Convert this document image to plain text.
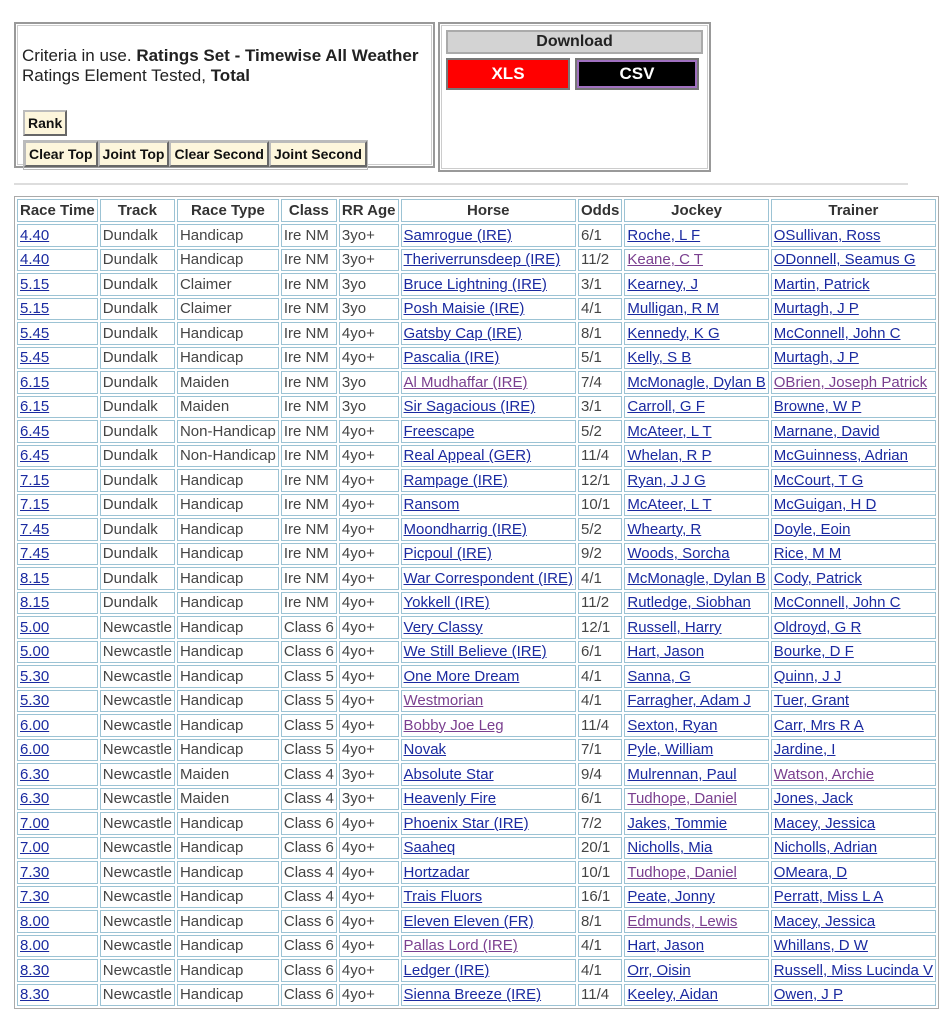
Criteria in use. Ratings Set - Timewise All Weather
Ratings Element Tested, Total
Rank
Clear Top Joint Top Clear Second Joint Second
Download
XLS	CSV
Race Time	Track	Race Type	Class	RR Age	Horse	Odds	Jockey	Trainer
4.40	Dundalk	Handicap	Ire NM	3yo+	Samrogue (IRE)	6/1	Roche, L F	OSullivan, Ross
4.40	Dundalk	Handicap	Ire NM	3yo+	Theriverrunsdeep (IRE)	11/2	Keane, C T	ODonnell, Seamus G
5.15	Dundalk	Claimer	Ire NM	3yo	Bruce Lightning (IRE)	3/1	Kearney, J	Martin, Patrick
5.15	Dundalk	Claimer	Ire NM	3yo	Posh Maisie (IRE)	4/1	Mulligan, R M	Murtagh, J P
5.45	Dundalk	Handicap	Ire NM	4yo+	Gatsby Cap (IRE)	8/1	Kennedy, K G	McConnell, John C
5.45	Dundalk	Handicap	Ire NM	4yo+	Pascalia (IRE)	5/1	Kelly, S B	Murtagh, J P
6.15	Dundalk	Maiden	Ire NM	3yo	Al Mudhaffar (IRE)	7/4	McMonagle, Dylan B	OBrien, Joseph Patrick
6.15	Dundalk	Maiden	Ire NM	3yo	Sir Sagacious (IRE)	3/1	Carroll, G F	Browne, W P
6.45	Dundalk	Non-Handicap	Ire NM	4yo+	Freescape	5/2	McAteer, L T	Marnane, David
6.45	Dundalk	Non-Handicap	Ire NM	4yo+	Real Appeal (GER)	11/4	Whelan, R P	McGuinness, Adrian
7.15	Dundalk	Handicap	Ire NM	4yo+	Rampage (IRE)	12/1	Ryan, J J G	McCourt, T G
7.15	Dundalk	Handicap	Ire NM	4yo+	Ransom	10/1	McAteer, L T	McGuigan, H D
7.45	Dundalk	Handicap	Ire NM	4yo+	Moondharrig (IRE)	5/2	Whearty, R	Doyle, Eoin
7.45	Dundalk	Handicap	Ire NM	4yo+	Picpoul (IRE)	9/2	Woods, Sorcha	Rice, M M
8.15	Dundalk	Handicap	Ire NM	4yo+	War Correspondent (IRE)	4/1	McMonagle, Dylan B	Cody, Patrick
8.15	Dundalk	Handicap	Ire NM	4yo+	Yokkell (IRE)	11/2	Rutledge, Siobhan	McConnell, John C
5.00	Newcastle	Handicap	Class 6	4yo+	Very Classy	12/1	Russell, Harry	Oldroyd, G R
5.00	Newcastle	Handicap	Class 6	4yo+	We Still Believe (IRE)	6/1	Hart, Jason	Bourke, D F
5.30	Newcastle	Handicap	Class 5	4yo+	One More Dream	4/1	Sanna, G	Quinn, J J
5.30	Newcastle	Handicap	Class 5	4yo+	Westmorian	4/1	Farragher, Adam J	Tuer, Grant
6.00	Newcastle	Handicap	Class 5	4yo+	Bobby Joe Leg	11/4	Sexton, Ryan	Carr, Mrs R A
6.00	Newcastle	Handicap	Class 5	4yo+	Novak	7/1	Pyle, William	Jardine, I
6.30	Newcastle	Maiden	Class 4	3yo+	Absolute Star	9/4	Mulrennan, Paul	Watson, Archie
6.30	Newcastle	Maiden	Class 4	3yo+	Heavenly Fire	6/1	Tudhope, Daniel	Jones, Jack
7.00	Newcastle	Handicap	Class 6	4yo+	Phoenix Star (IRE)	7/2	Jakes, Tommie	Macey, Jessica
7.00	Newcastle	Handicap	Class 6	4yo+	Saaheq	20/1	Nicholls, Mia	Nicholls, Adrian
7.30	Newcastle	Handicap	Class 4	4yo+	Hortzadar	10/1	Tudhope, Daniel	OMeara, D
7.30	Newcastle	Handicap	Class 4	4yo+	Trais Fluors	16/1	Peate, Jonny	Perratt, Miss L A
8.00	Newcastle	Handicap	Class 6	4yo+	Eleven Eleven (FR)	8/1	Edmunds, Lewis	Macey, Jessica
8.00	Newcastle	Handicap	Class 6	4yo+	Pallas Lord (IRE)	4/1	Hart, Jason	Whillans, D W
8.30	Newcastle	Handicap	Class 6	4yo+	Ledger (IRE)	4/1	Orr, Oisin	Russell, Miss Lucinda V
8.30	Newcastle	Handicap	Class 6	4yo+	Sienna Breeze (IRE)	11/4	Keeley, Aidan	Owen, J P
